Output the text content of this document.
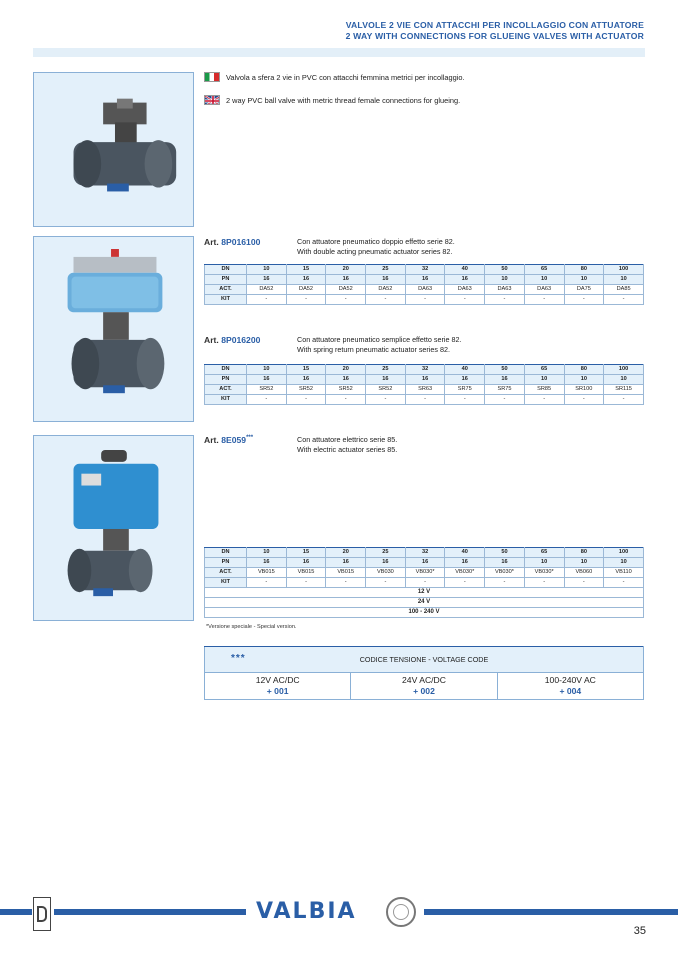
VALVOLE 2 VIE CON ATTACCHI PER INCOLLAGGIO CON ATTUATORE
2 WAY WITH CONNECTIONS FOR GLUEING VALVES WITH ACTUATOR
Valvola a sfera 2 vie in PVC con attacchi femmina metrici per incollaggio.
2 way PVC ball valve with metric thread female connections for glueing.
Art. 8P016100	Con attuatore pneumatico doppio effetto serie 82.
With double acting pneumatic actuator series 82.
DN	10	15	20	25	32	40	50	65	80	100
PN	16	16	16	16	16	16	10	10	10	10
ACT.	DA52	DA52	DA52	DA52	DA63	DA63	DA63	DA63	DA75	DA85
KIT	-	-	-	-	-	-	-	-	-	-
Art. 8P016200	Con attuatore pneumatico semplice effetto serie 82.
With spring return pneumatic actuator series 82.
DN	10	15	20	25	32	40	50	65	80	100
PN	16	16	16	16	16	16	16	10	10	10
ACT.	SR52	SR52	SR52	SR52	SR63	SR75	SR75	SR85	SR100	SR115
KIT	-	-	-	-	-	-	-	-	-	-
Art. 8E059***	Con attuatore elettrico serie 85.
With electric actuator series 85.
DN	10	15	20	25	32	40	50	65	80	100
PN	16	16	16	16	16	16	16	10	10	10
ACT.	VB015	VB015	VB015	VB030	VB030*	VB030*	VB030*	VB030*	VB060	VB110
KIT	-	-	-	-	-	-	-	-	-	-
12 V										
24 V										
100 - 240 V										
*Versione speciale - Special version.
***	CODICE TENSIONE - VOLTAGE CODE

12V AC/DC
+ 001

24V AC/DC
+ 002

100-240V AC
+ 004
VALBIA
35
